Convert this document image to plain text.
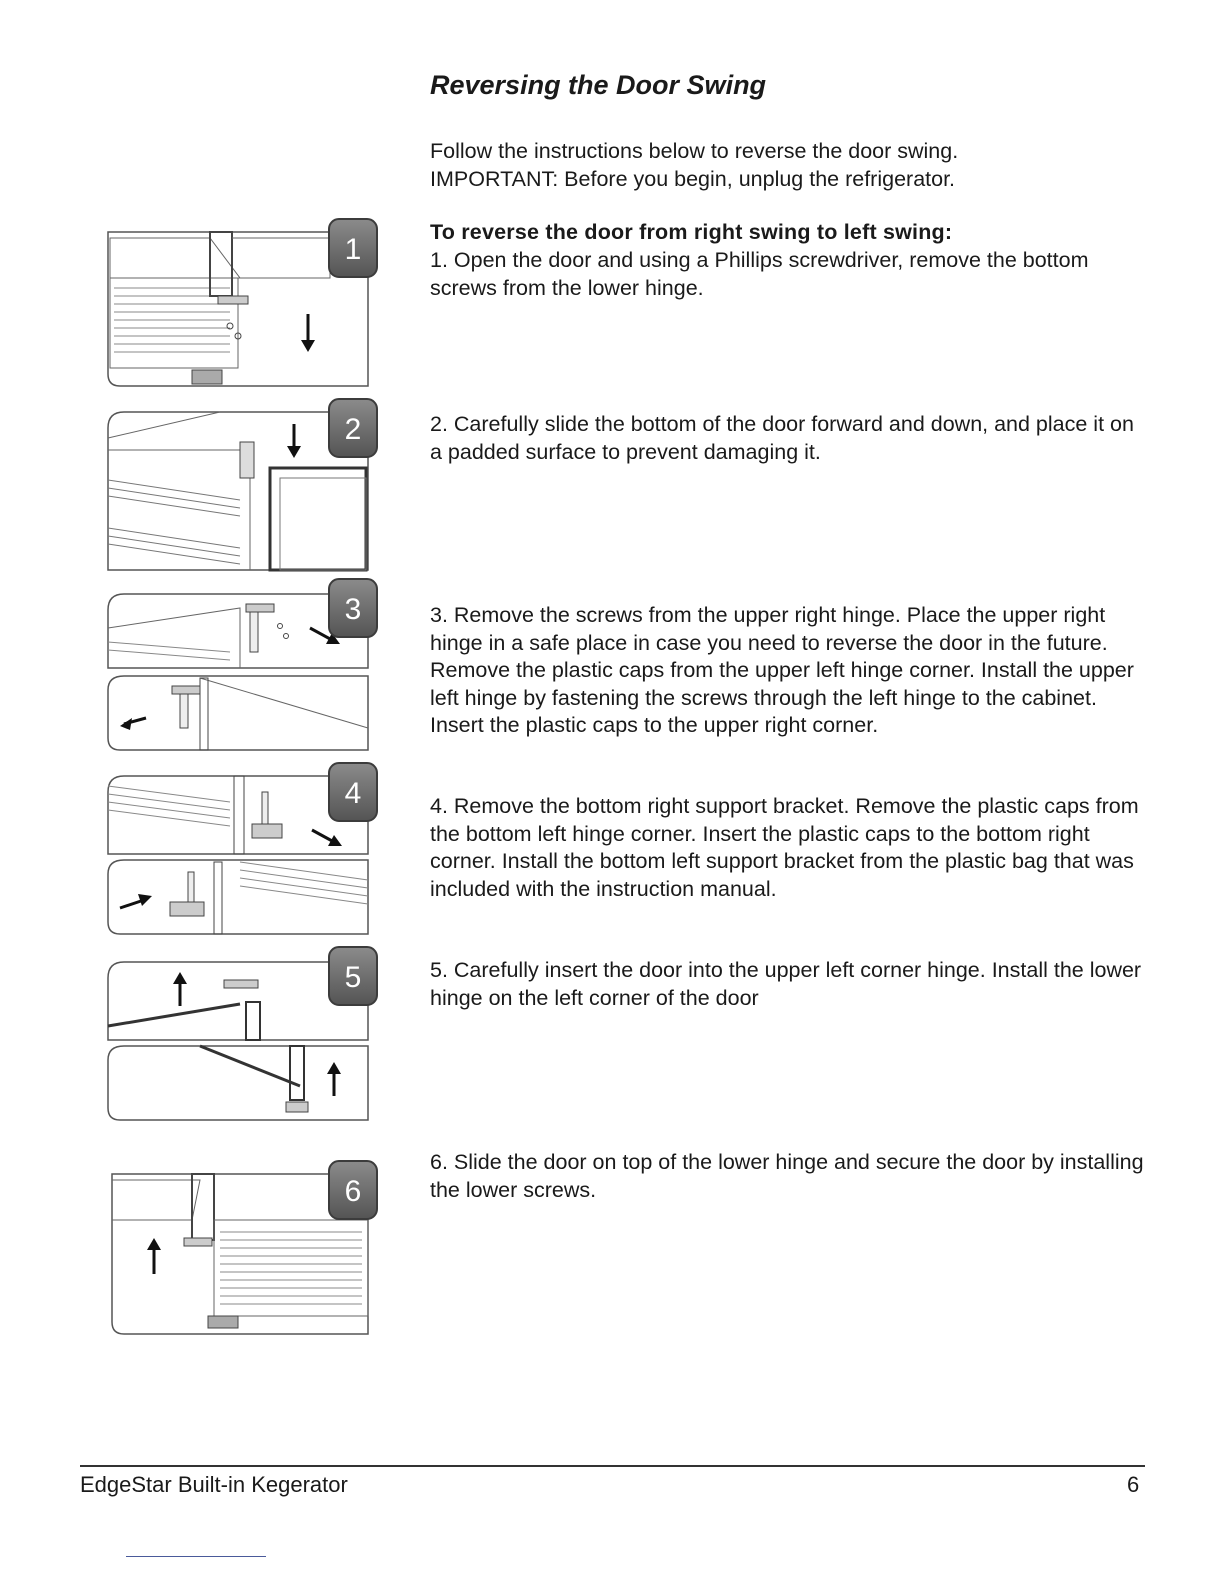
Reversing the Door Swing

Follow the instructions below to reverse the door swing.

IMPORTANT: Before you begin, unplug the refrigerator.

To reverse the door from right swing to left swing:

1. Open the door and using a Phillips screwdriver, remove the bottom screws from the lower hinge.

2. Carefully slide the bottom of the door forward and down, and place it on a padded surface to prevent damaging it.

3. Remove the screws from the upper right hinge. Place the upper right hinge in a safe place in case you need to reverse the door in the future. Remove the plastic caps from the upper left hinge corner. Install the upper left hinge by fastening the screws through the left hinge to the cabinet. Insert the plastic caps to the upper right corner.

4. Remove the bottom right support bracket. Remove the plastic caps from the bottom left hinge corner. Insert the plastic caps to the bottom right corner. Install the bottom left support bracket from the plastic bag that was included with the instruction manual.

5. Carefully insert the door into the upper left corner hinge. Install the lower hinge on the left corner of the door

6. Slide the door on top of the lower hinge and secure the door by installing the lower screws.

1
2
3
4
5
6
EdgeStar Built-in Kegerator	6
